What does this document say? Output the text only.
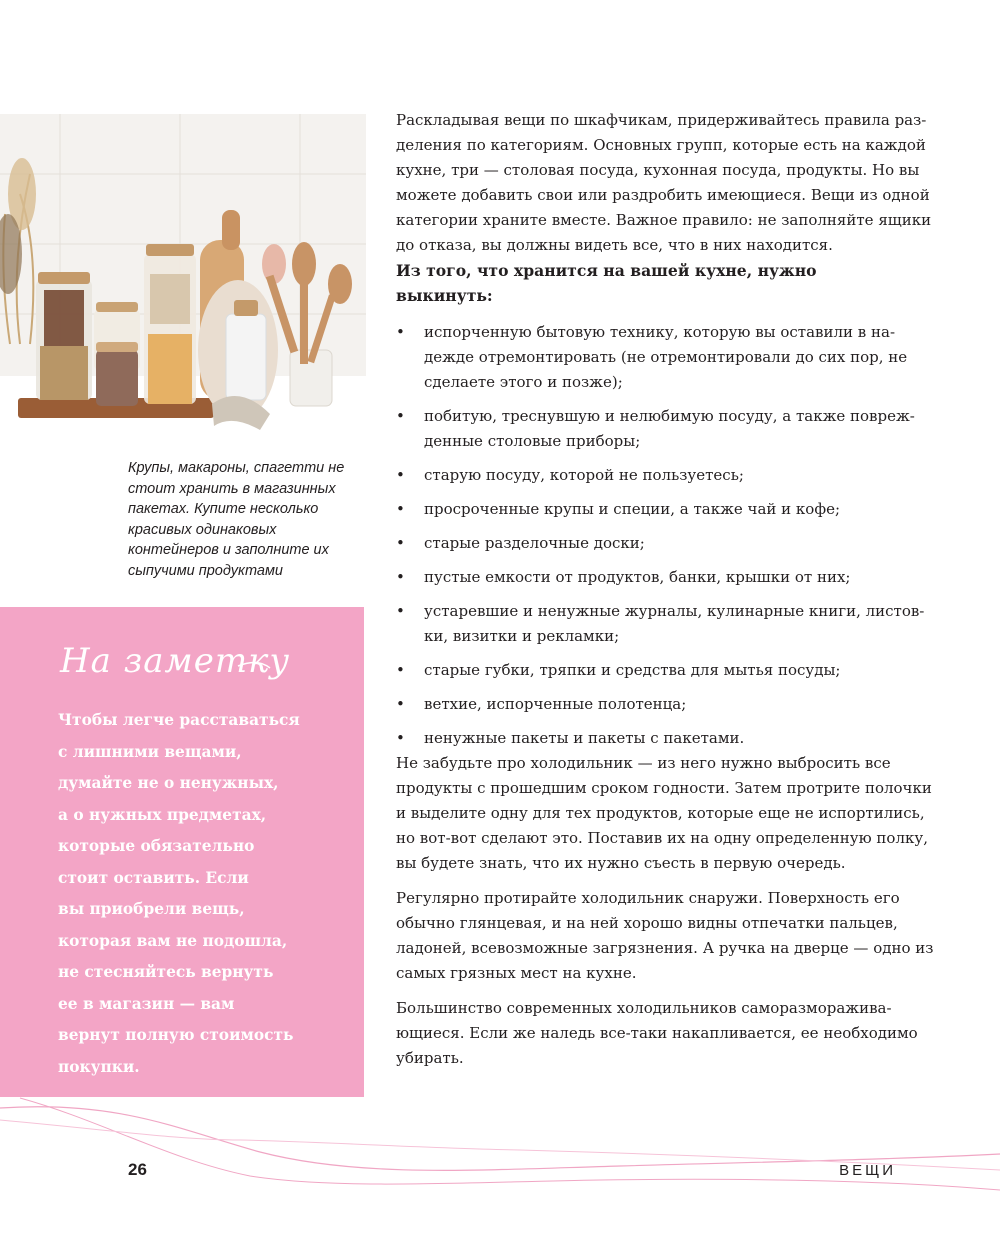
Крупы, макароны, спагетти не
стоит хранить в магазинных
пакетах. Купите несколько
красивых одинаковых
контейнеров и заполните их
сыпучими продуктами
На заметку
Чтобы легче расставаться
с лишними вещами,
думайте не о ненужных,
а о нужных предметах,
которые обязательно
стоит оставить. Если
вы приобрели вещь,
которая вам не подошла,
не стесняйтесь вернуть
ее в магазин — вам
вернут полную стоимость
покупки.

Раскладывая вещи по шкафчикам, придерживайтесь правила раз-
деления по категориям. Основных групп, которые есть на каждой
кухне, три — столовая посуда, кухонная посуда, продукты. Но вы
можете добавить свои или раздробить имеющиеся. Вещи из одной
категории храните вместе. Важное правило: не заполняйте ящики
до отказа, вы должны видеть все, что в них находится.

Из того, что хранится на вашей кухне, нужно
выкинуть:

• испорченную бытовую технику, которую вы оставили в на-
дежде отремонтировать (не отремонтировали до сих пор, не
сделаете этого и позже);
• побитую, треснувшую и нелюбимую посуду, а также повреж-
денные столовые приборы;
• старую посуду, которой не пользуетесь;
• просроченные крупы и специи, а также чай и кофе;
• старые разделочные доски;
• пустые емкости от продуктов, банки, крышки от них;
• устаревшие и ненужные журналы, кулинарные книги, листов-
ки, визитки и рекламки;
• старые губки, тряпки и средства для мытья посуды;
• ветхие, испорченные полотенца;
• ненужные пакеты и пакеты с пакетами.

Не забудьте про холодильник — из него нужно выбросить все
продукты с прошедшим сроком годности. Затем протрите полочки
и выделите одну для тех продуктов, которые еще не испортились,
но вот-вот сделают это. Поставив их на одну определенную полку,
вы будете знать, что их нужно съесть в первую очередь.

Регулярно протирайте холодильник снаружи. Поверхность его
обычно глянцевая, и на ней хорошо видны отпечатки пальцев,
ладоней, всевозможные загрязнения. А ручка на дверце — одно из
самых грязных мест на кухне.

Большинство современных холодильников саморазморажива-
ющиеся. Если же наледь все-таки накапливается, ее необходимо
убирать.

26	ВЕЩИ
